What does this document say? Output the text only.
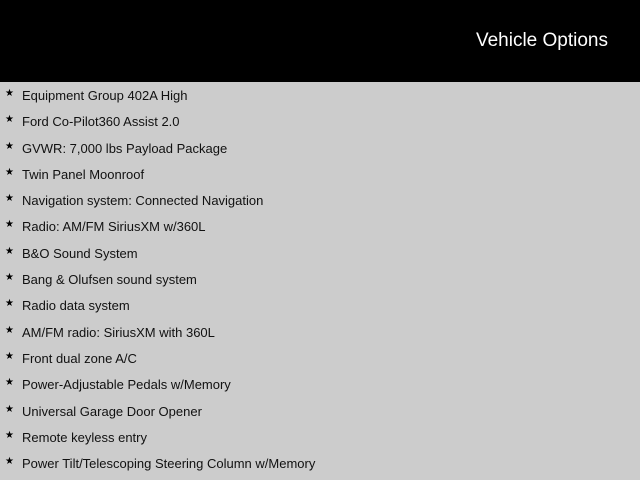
Vehicle Options
★ Equipment Group 402A High
★ Ford Co-Pilot360 Assist 2.0
★ GVWR: 7,000 lbs Payload Package
★ Twin Panel Moonroof
★ Navigation system: Connected Navigation
★ Radio: AM/FM SiriusXM w/360L
★ B&O Sound System
★ Bang & Olufsen sound system
★ Radio data system
★ AM/FM radio: SiriusXM with 360L
★ Front dual zone A/C
★ Power-Adjustable Pedals w/Memory
★ Universal Garage Door Opener
★ Remote keyless entry
★ Power Tilt/Telescoping Steering Column w/Memory
